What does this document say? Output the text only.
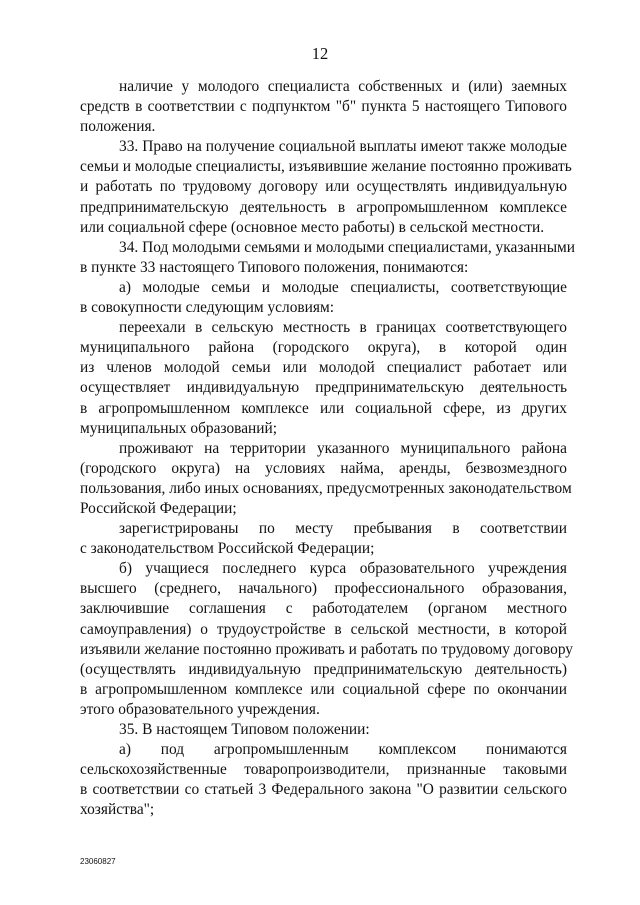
12
наличие у молодого специалиста собственных и (или) заемных
средств в соответствии с подпунктом "б" пункта 5 настоящего Типового
положения.
33. Право на получение социальной выплаты имеют также молодые
семьи и молодые специалисты, изъявившие желание постоянно проживать
и работать по трудовому договору или осуществлять индивидуальную
предпринимательскую деятельность в агропромышленном комплексе
или социальной сфере (основное место работы) в сельской местности.
34. Под молодыми семьями и молодыми специалистами, указанными
в пункте 33 настоящего Типового положения, понимаются:
а) молодые семьи и молодые специалисты, соответствующие
в совокупности следующим условиям:
переехали в сельскую местность в границах соответствующего
муниципального района (городского округа), в которой один
из членов молодой семьи или молодой специалист работает или
осуществляет индивидуальную предпринимательскую деятельность
в агропромышленном комплексе или социальной сфере, из других
муниципальных образований;
проживают на территории указанного муниципального района
(городского округа) на условиях найма, аренды, безвозмездного
пользования, либо иных основаниях, предусмотренных законодательством
Российской Федерации;
зарегистрированы по месту пребывания в соответствии
с законодательством Российской Федерации;
б) учащиеся последнего курса образовательного учреждения
высшего (среднего, начального) профессионального образования,
заключившие соглашения с работодателем (органом местного
самоуправления) о трудоустройстве в сельской местности, в которой
изъявили желание постоянно проживать и работать по трудовому договору
(осуществлять индивидуальную предпринимательскую деятельность)
в агропромышленном комплексе или социальной сфере по окончании
этого образовательного учреждения.
35. В настоящем Типовом положении:
а) под агропромышленным комплексом понимаются
сельскохозяйственные товаропроизводители, признанные таковыми
в соответствии со статьей 3 Федерального закона "О развитии сельского
хозяйства";
23060827
